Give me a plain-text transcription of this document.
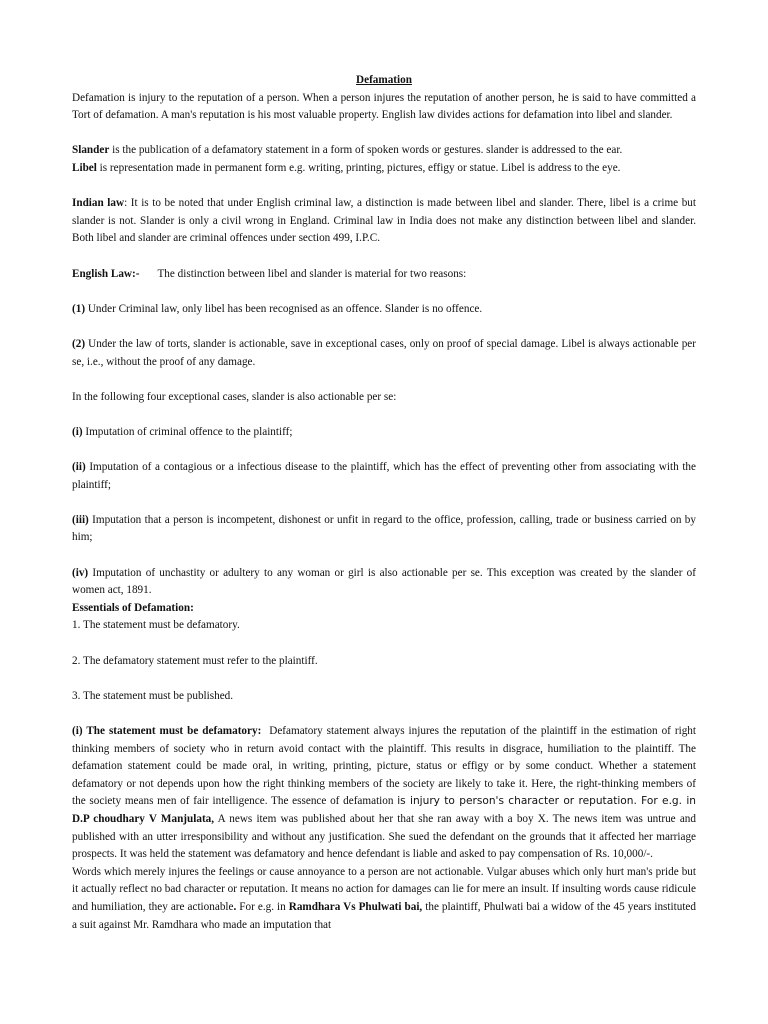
Defamation

Defamation is injury to the reputation of a person. When a person injures the reputation of another person, he is said to have committed a Tort of defamation. A man's reputation is his most valuable property. English law divides actions for defamation into libel and slander.

Slander is the publication of a defamatory statement in a form of spoken words or gestures. slander is addressed to the ear.

Libel is representation made in permanent form e.g. writing, printing, pictures, effigy or statue. Libel is address to the eye.

Indian law: It is to be noted that under English criminal law, a distinction is made between libel and slander. There, libel is a crime but slander is not. Slander is only a civil wrong in England. Criminal law in India does not make any distinction between libel and slander. Both libel and slander are criminal offences under section 499, I.P.C.

English Law:- The distinction between libel and slander is material for two reasons:

(1) Under Criminal law, only libel has been recognised as an offence. Slander is no offence.

(2) Under the law of torts, slander is actionable, save in exceptional cases, only on proof of special damage. Libel is always actionable per se, i.e., without the proof of any damage.

In the following four exceptional cases, slander is also actionable per se:

(i) Imputation of criminal offence to the plaintiff;

(ii) Imputation of a contagious or a infectious disease to the plaintiff, which has the effect of preventing other from associating with the plaintiff;

(iii) Imputation that a person is incompetent, dishonest or unfit in regard to the office, profession, calling, trade or business carried on by him;

(iv) Imputation of unchastity or adultery to any woman or girl is also actionable per se. This exception was created by the slander of women act, 1891.

Essentials of Defamation:

1. The statement must be defamatory.

2. The defamatory statement must refer to the plaintiff.

3. The statement must be published.

(i) The statement must be defamatory: Defamatory statement always injures the reputation of the plaintiff in the estimation of right thinking members of society who in return avoid contact with the plaintiff. This results in disgrace, humiliation to the plaintiff. The defamation statement could be made oral, in writing, printing, picture, status or effigy or by some conduct. Whether a statement defamatory or not depends upon how the right thinking members of the society are likely to take it. Here, the right-thinking members of the society means men of fair intelligence. The essence of defamation is injury to person's character or reputation. For e.g. in D.P choudhary V Manjulata, A news item was published about her that she ran away with a boy X. The news item was untrue and published with an utter irresponsibility and without any justification. She sued the defendant on the grounds that it affected her marriage prospects. It was held the statement was defamatory and hence defendant is liable and asked to pay compensation of Rs. 10,000/-.

Words which merely injures the feelings or cause annoyance to a person are not actionable. Vulgar abuses which only hurt man's pride but it actually reflect no bad character or reputation. It means no action for damages can lie for mere an insult. If insulting words cause ridicule and humiliation, they are actionable. For e.g. in Ramdhara Vs Phulwati bai, the plaintiff, Phulwati bai a widow of the 45 years instituted a suit against Mr. Ramdhara who made an imputation that
